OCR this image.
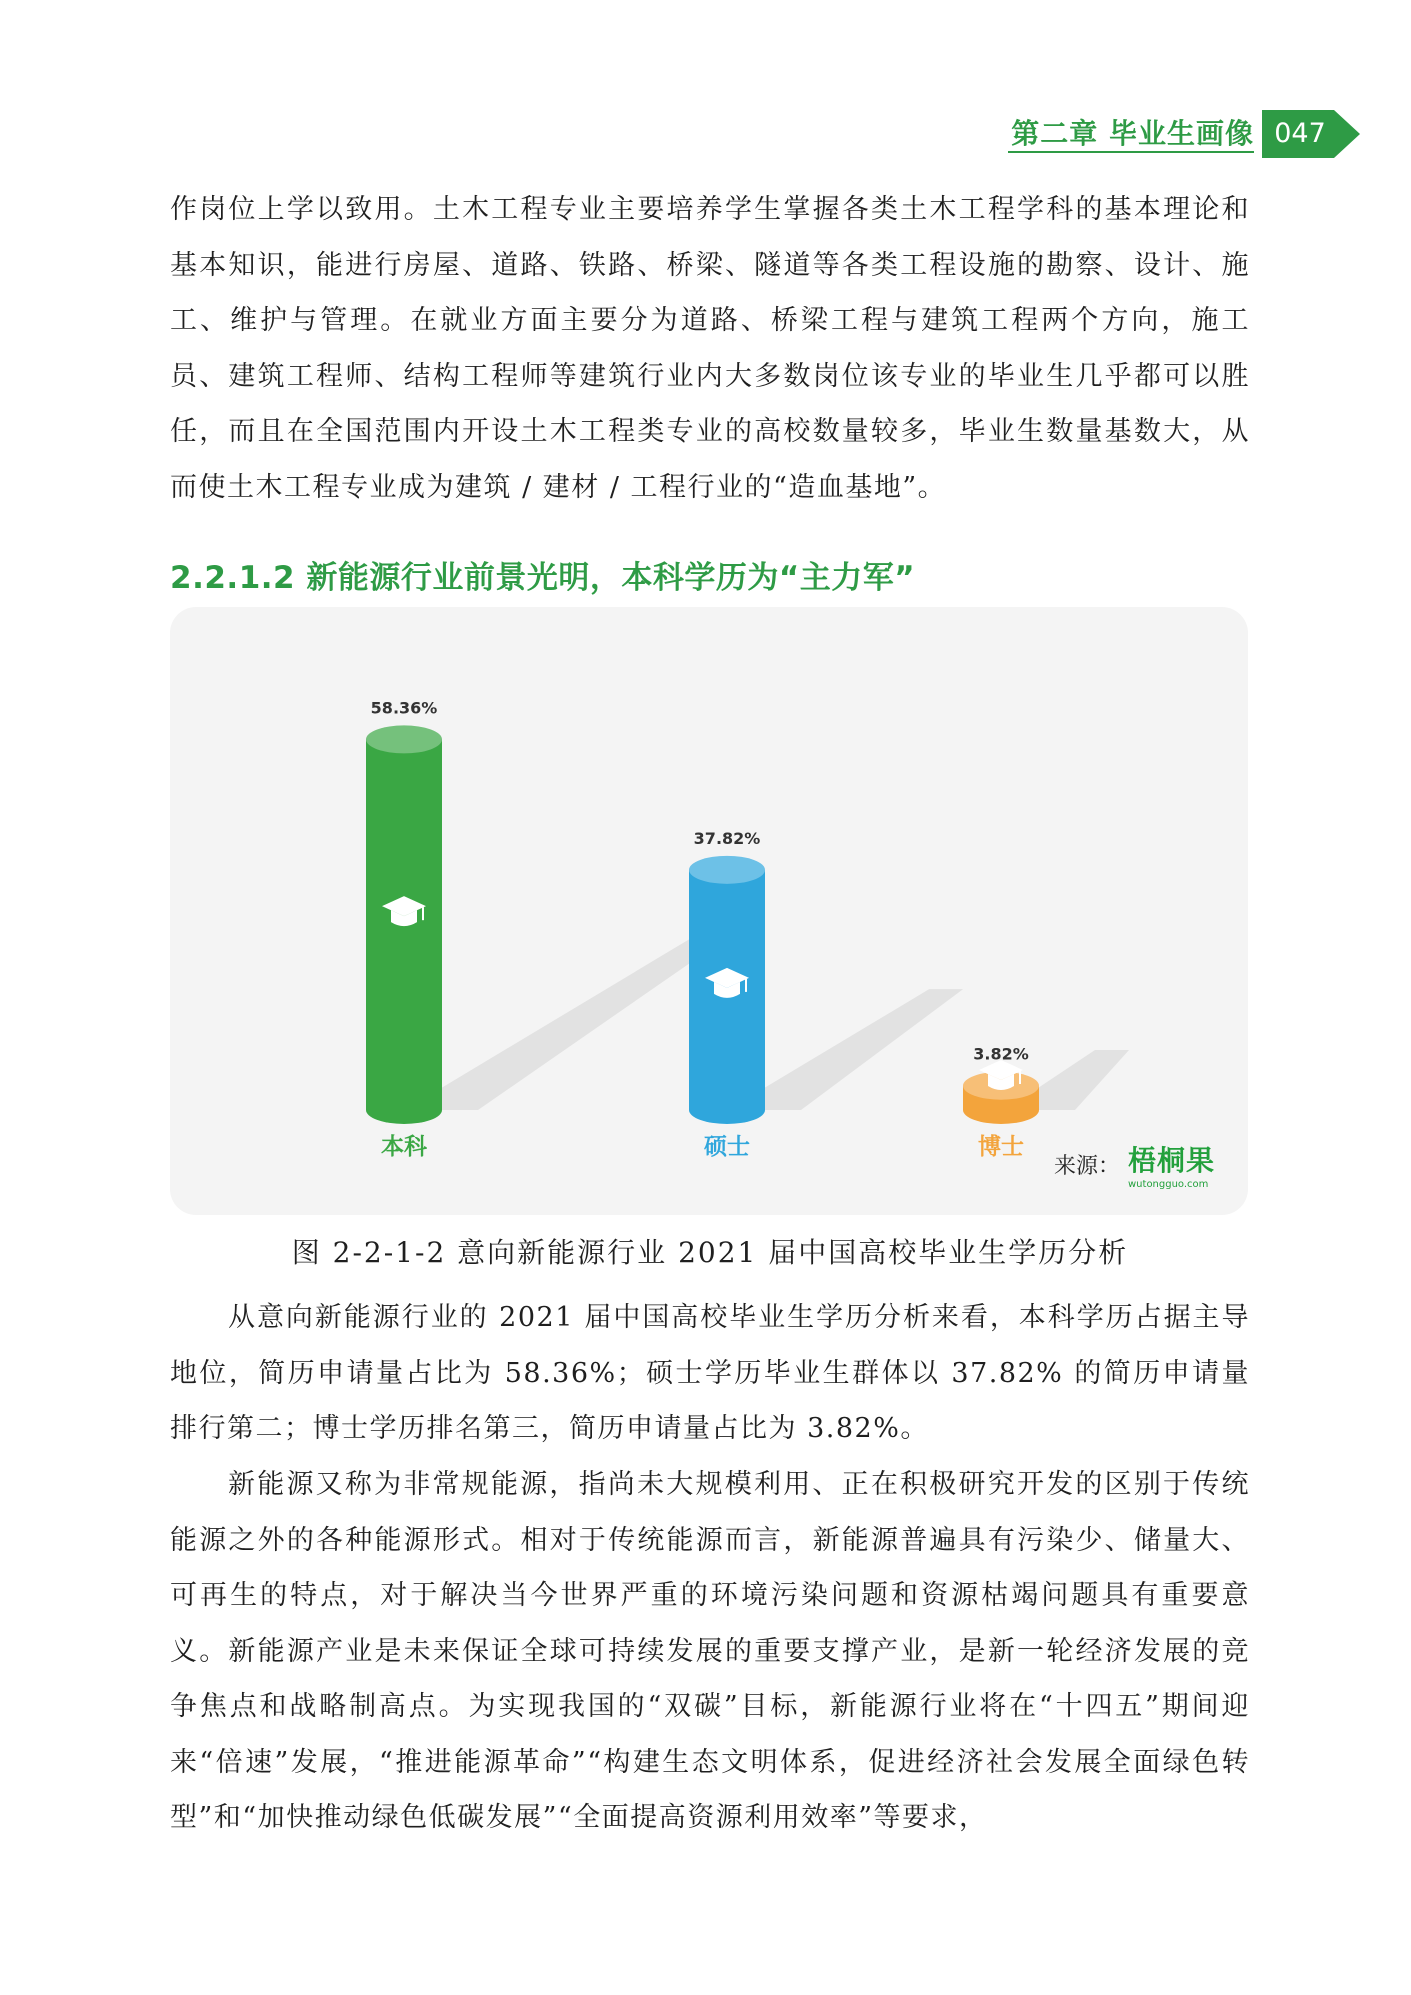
第二章 毕业生画像 047
作岗位上学以致用。土木工程专业主要培养学生掌握各类土木工程学科的基本理论和基本知识，能进行房屋、道路、铁路、桥梁、隧道等各类工程设施的勘察、设计、施工、维护与管理。在就业方面主要分为道路、桥梁工程与建筑工程两个方向，施工员、建筑工程师、结构工程师等建筑行业内大多数岗位该专业的毕业生几乎都可以胜任，而且在全国范围内开设土木工程类专业的高校数量较多，毕业生数量基数大，从而使土木工程专业成为建筑 / 建材 / 工程行业的“造血基地”。
2.2.1.2 新能源行业前景光明，本科学历为“主力军”
58.36%
本科
37.82%
硕士
3.82%
博士
来源： 梧桐果
wutongguo.com
图 2-2-1-2 意向新能源行业 2021 届中国高校毕业生学历分析
从意向新能源行业的 2021 届中国高校毕业生学历分析来看，本科学历占据主导地位，简历申请量占比为 58.36%；硕士学历毕业生群体以 37.82% 的简历申请量排行第二；博士学历排名第三，简历申请量占比为 3.82%。
新能源又称为非常规能源，指尚未大规模利用、正在积极研究开发的区别于传统能源之外的各种能源形式。相对于传统能源而言，新能源普遍具有污染少、储量大、可再生的特点，对于解决当今世界严重的环境污染问题和资源枯竭问题具有重要意义。新能源产业是未来保证全球可持续发展的重要支撑产业，是新一轮经济发展的竞争焦点和战略制高点。为实现我国的“双碳”目标，新能源行业将在“十四五”期间迎来“倍速”发展，“推进能源革命”“构建生态文明体系，促进经济社会发展全面绿色转型”和“加快推动绿色低碳发展”“全面提高资源利用效率”等要求，
